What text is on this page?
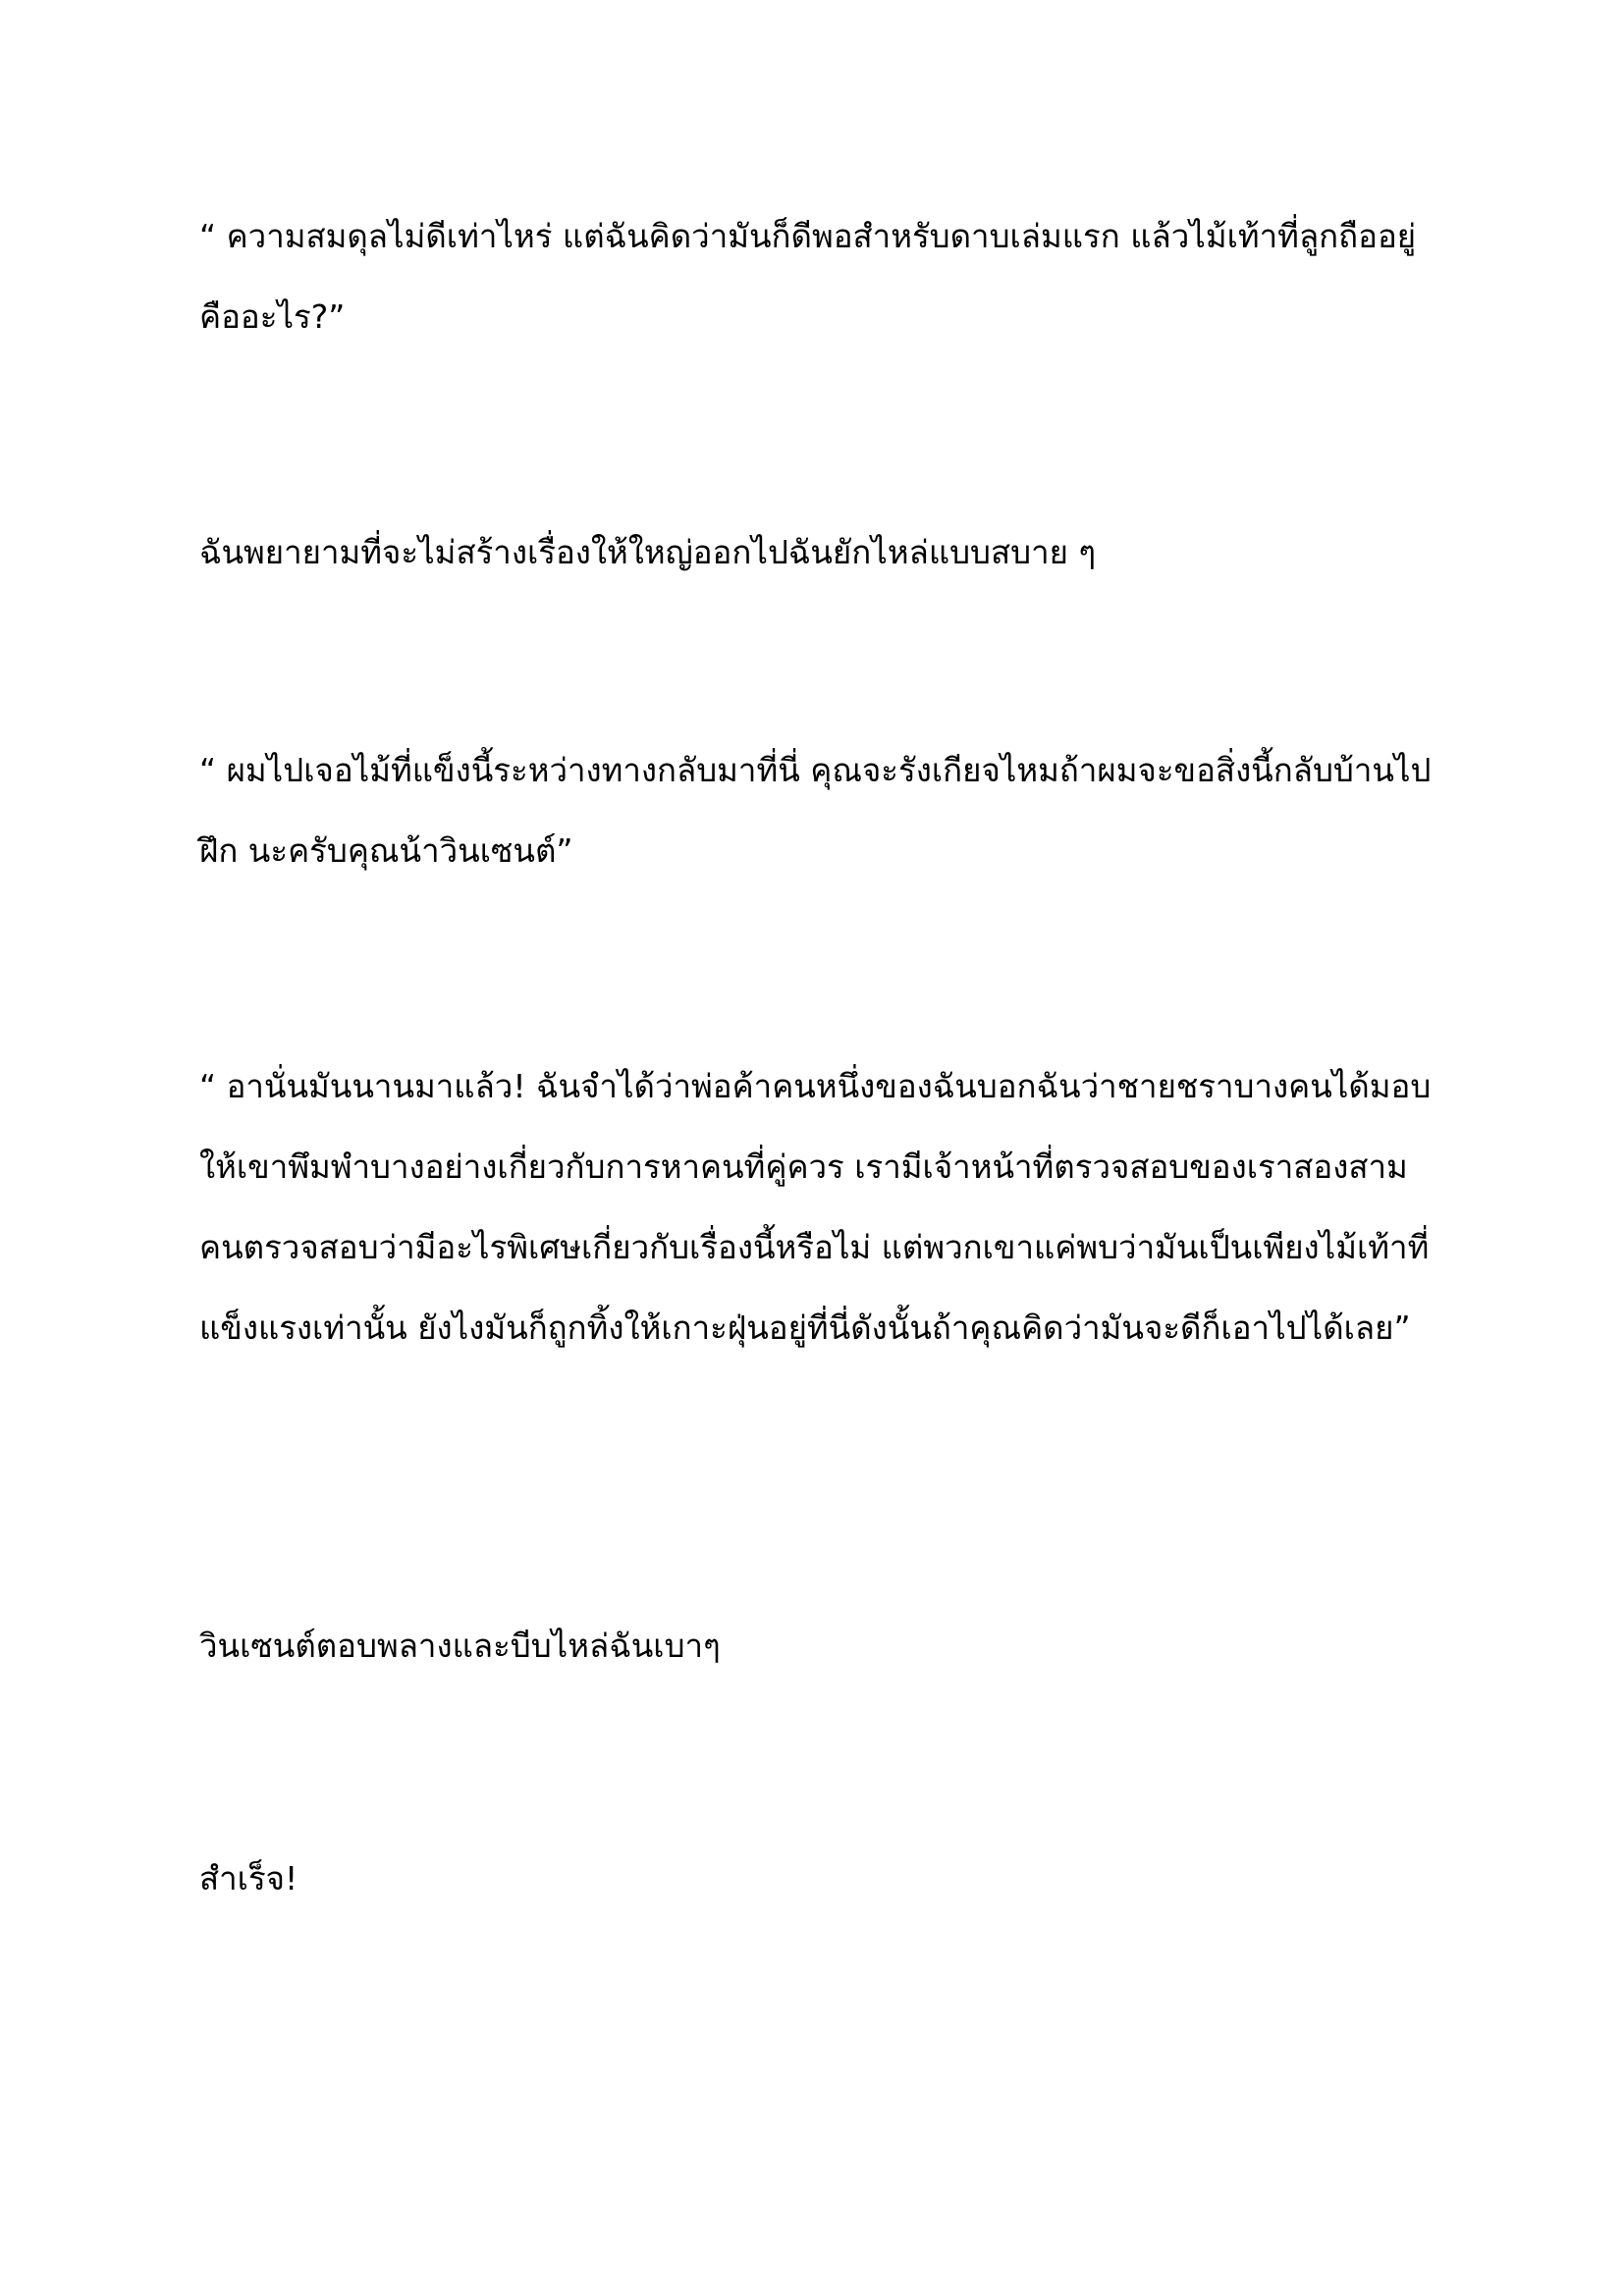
“ ความสมดุลไม่ดีเท่าไหร่ แต่ฉันคิดว่ามันก็ดีพอสำหรับดาบเล่มแรก แล้วไม้เท้าที่ลูกถืออยู่คืออะไร?”

ฉันพยายามที่จะไม่สร้างเรื่องให้ใหญ่ออกไปฉันยักไหล่แบบสบาย ๆ

“ ผมไปเจอไม้ที่แข็งนี้ระหว่างทางกลับมาที่นี่ คุณจะรังเกียจไหมถ้าผมจะขอสิ่งนี้กลับบ้านไปฝึก นะครับคุณน้าวินเซนต์”

“ อานั่นมันนานมาแล้ว! ฉันจำได้ว่าพ่อค้าคนหนึ่งของฉันบอกฉันว่าชายชราบางคนได้มอบให้เขาพึมพำบางอย่างเกี่ยวกับการหาคนที่คู่ควร เรามีเจ้าหน้าที่ตรวจสอบของเราสองสามคนตรวจสอบว่ามีอะไรพิเศษเกี่ยวกับเรื่องนี้หรือไม่ แต่พวกเขาแค่พบว่ามันเป็นเพียงไม้เท้าที่แข็งแรงเท่านั้น ยังไงมันก็ถูกทิ้งให้เกาะฝุ่นอยู่ที่นี่ดังนั้นถ้าคุณคิดว่ามันจะดีก็เอาไปได้เลย”

วินเซนต์ตอบพลางและบีบไหล่ฉันเบาๆ

สำเร็จ!
